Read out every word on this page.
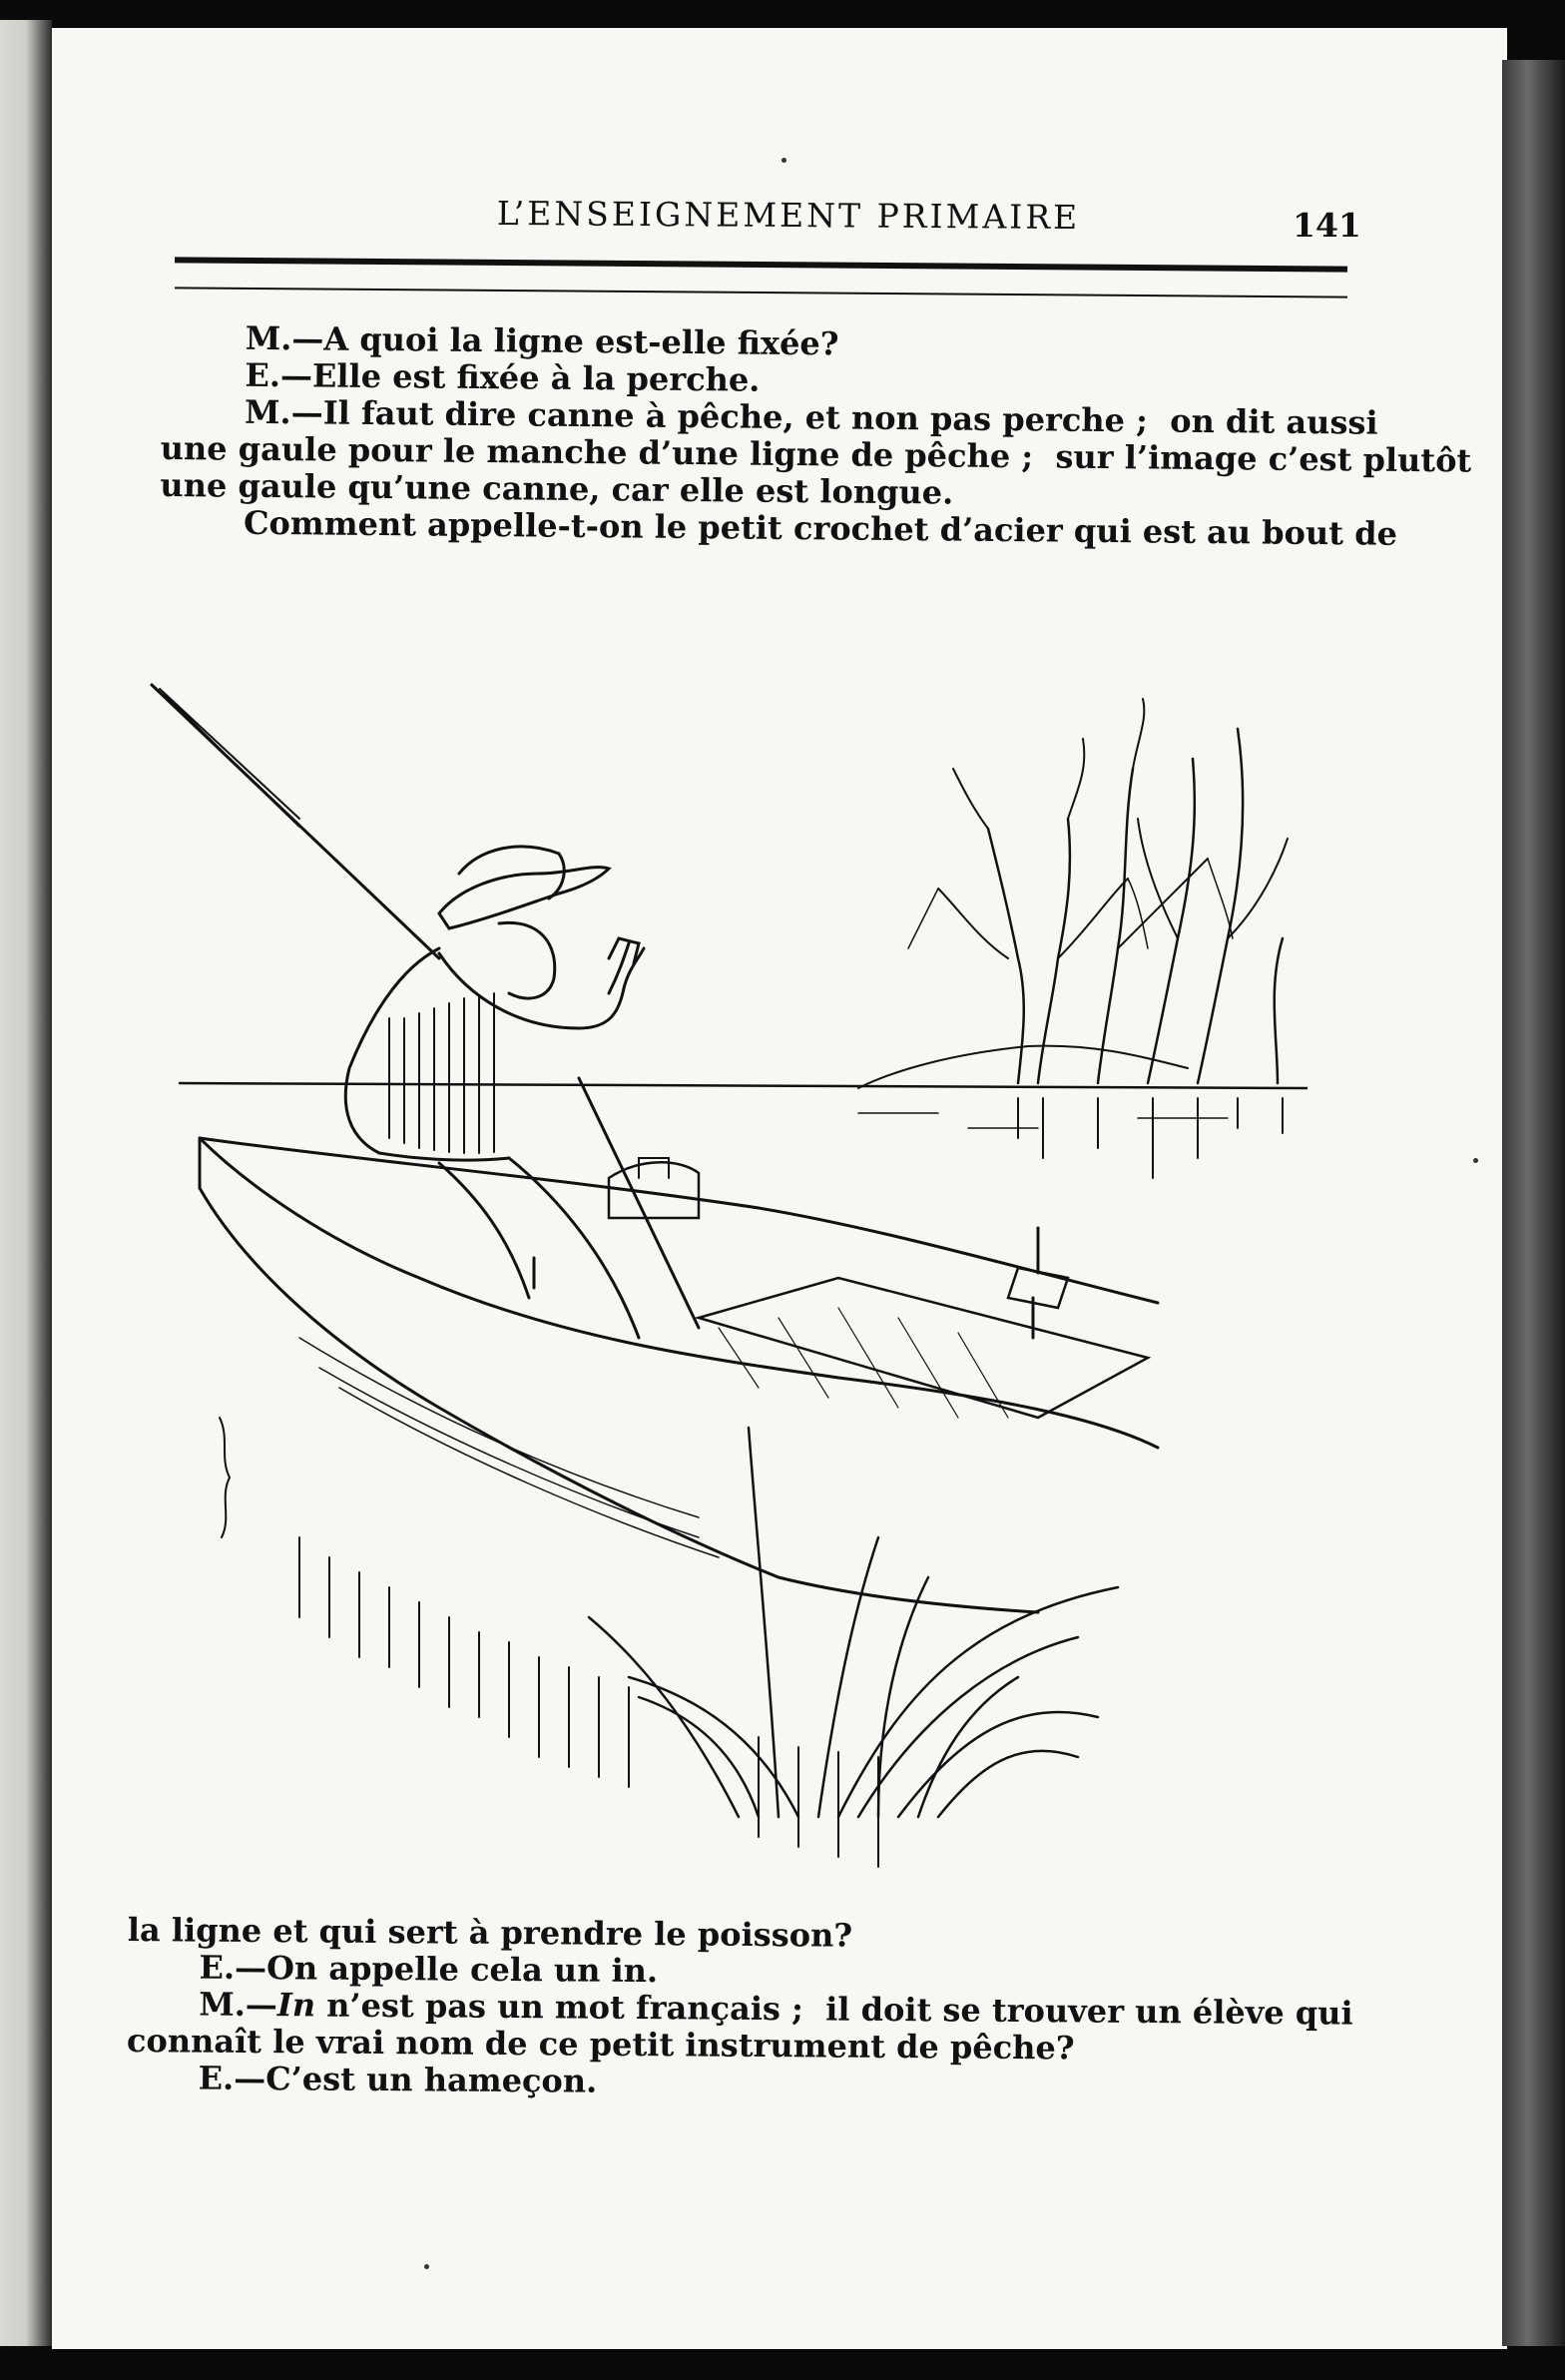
L’ENSEIGNEMENT PRIMAIRE	141
M.—A quoi la ligne est-elle fixée?
E.—Elle est fixée à la perche.
M.—Il faut dire canne à pêche, et non pas perche ;  on dit aussi
une gaule pour le manche d’une ligne de pêche ;  sur l’image c’est plutôt
une gaule qu’une canne, car elle est longue.
Comment appelle-t-on le petit crochet d’acier qui est au bout de
la ligne et qui sert à prendre le poisson?
E.—On appelle cela un in.
M.—In n’est pas un mot français ;  il doit se trouver un élève qui
connaît le vrai nom de ce petit instrument de pêche?
E.—C’est un hameçon.
